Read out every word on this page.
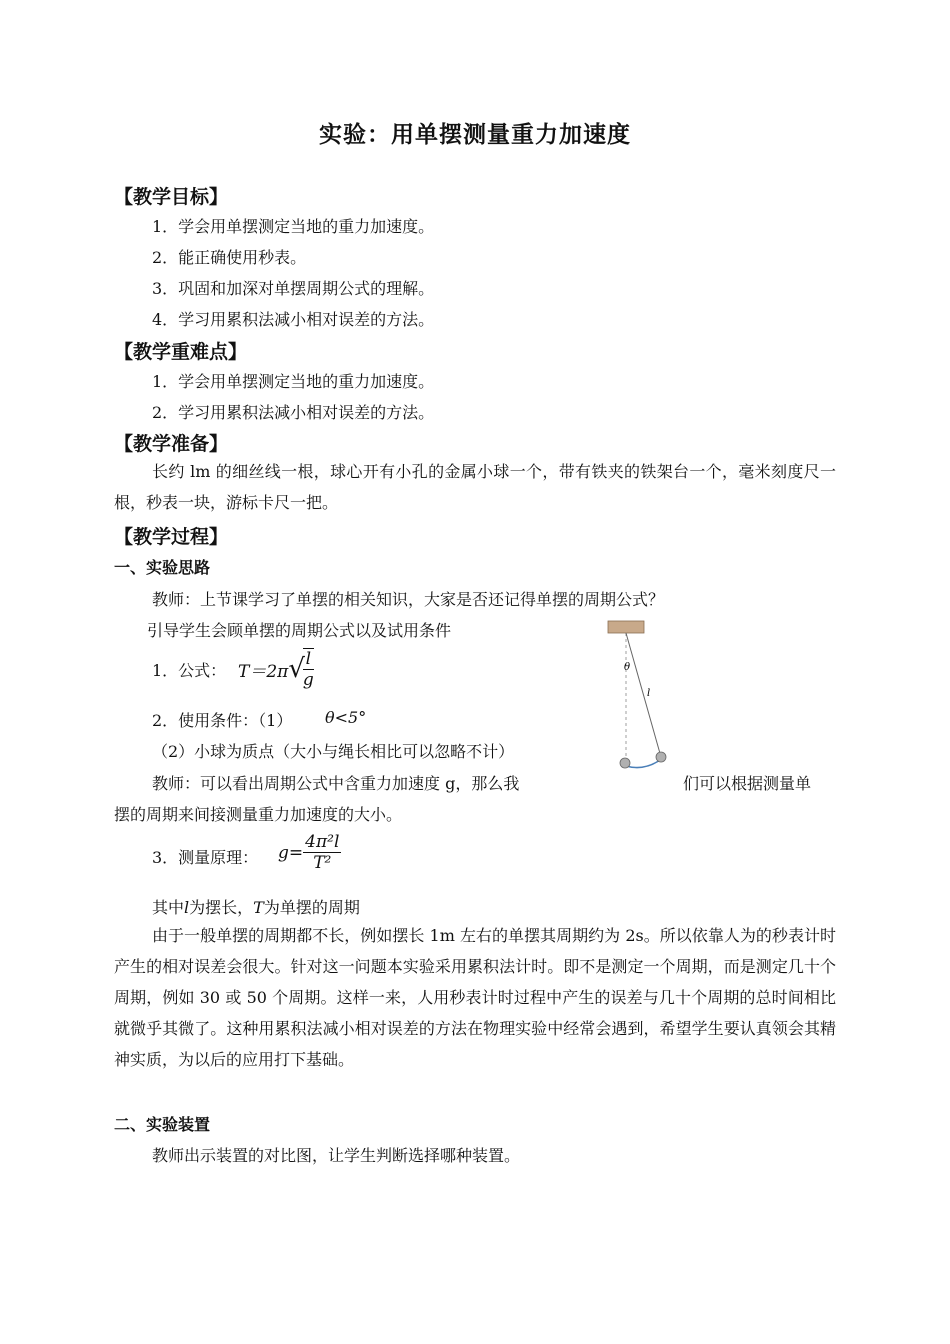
实验：用单摆测量重力加速度
【教学目标】
1．学会用单摆测定当地的重力加速度。
2．能正确使用秒表。
3．巩固和加深对单摆周期公式的理解。
4．学习用累积法减小相对误差的方法。
【教学重难点】
1．学会用单摆测定当地的重力加速度。
2．学习用累积法减小相对误差的方法。
【教学准备】
长约 lm 的细丝线一根，球心开有小孔的金属小球一个，带有铁夹的铁架台一个，毫米刻度尺一根，秒表一块，游标卡尺一把。
【教学过程】
一、实验思路
教师：上节课学习了单摆的相关知识，大家是否还记得单摆的周期公式？
引导学生会顾单摆的周期公式以及试用条件
1．公式： T＝2π√
$\frac{l}{g}$
2．使用条件：（1） θ<5°
（2）小球为质点（大小与绳长相比可以忽略不计）
教师：可以看出周期公式中含重力加速度 g，那么我	们可以根据测量单
摆的周期来间接测量重力加速度的大小。
3．测量原理： $g= \frac{\text{4π²l}}{\text{T²}}$
其中l为摆长，T为单摆的周期
由于一般单摆的周期都不长，例如摆长 1m 左右的单摆其周期约为 2s。所以依靠人为的秒表计时产生的相对误差会很大。针对这一问题本实验采用累积法计时。即不是测定一个周期，而是测定几十个周期，例如 30 或 50 个周期。这样一来，人用秒表计时过程中产生的误差与几十个周期的总时间相比就微乎其微了。这种用累积法减小相对误差的方法在物理实验中经常会遇到，希望学生要认真领会其精神实质，为以后的应用打下基础。
二、实验装置
教师出示装置的对比图，让学生判断选择哪种装置。
θ
l
